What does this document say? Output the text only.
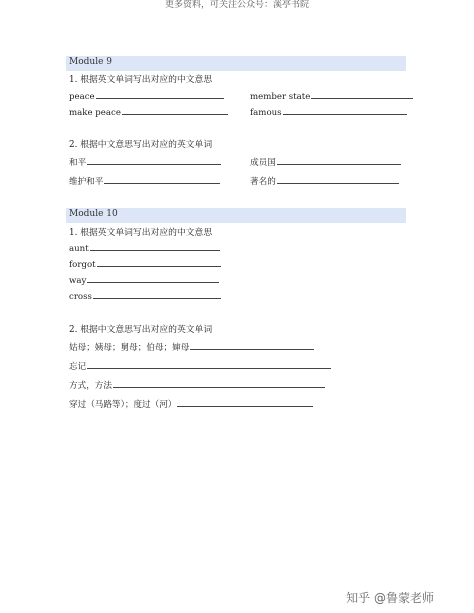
更多资料，可关注公众号：溪亭书院
Module 9
1. 根据英文单词写出对应的中文意思
peace	member state
make peace	famous
2. 根据中文意思写出对应的英文单词
和平	成员国
维护和平	著名的
Module 10
1. 根据英文单词写出对应的中文意思
aunt
forgot
way
cross
2. 根据中文意思写出对应的英文单词
姑母；姨母；舅母；伯母；婶母
忘记
方式，方法
穿过（马路等）；度过（河）
知乎 @鲁蒙老师
